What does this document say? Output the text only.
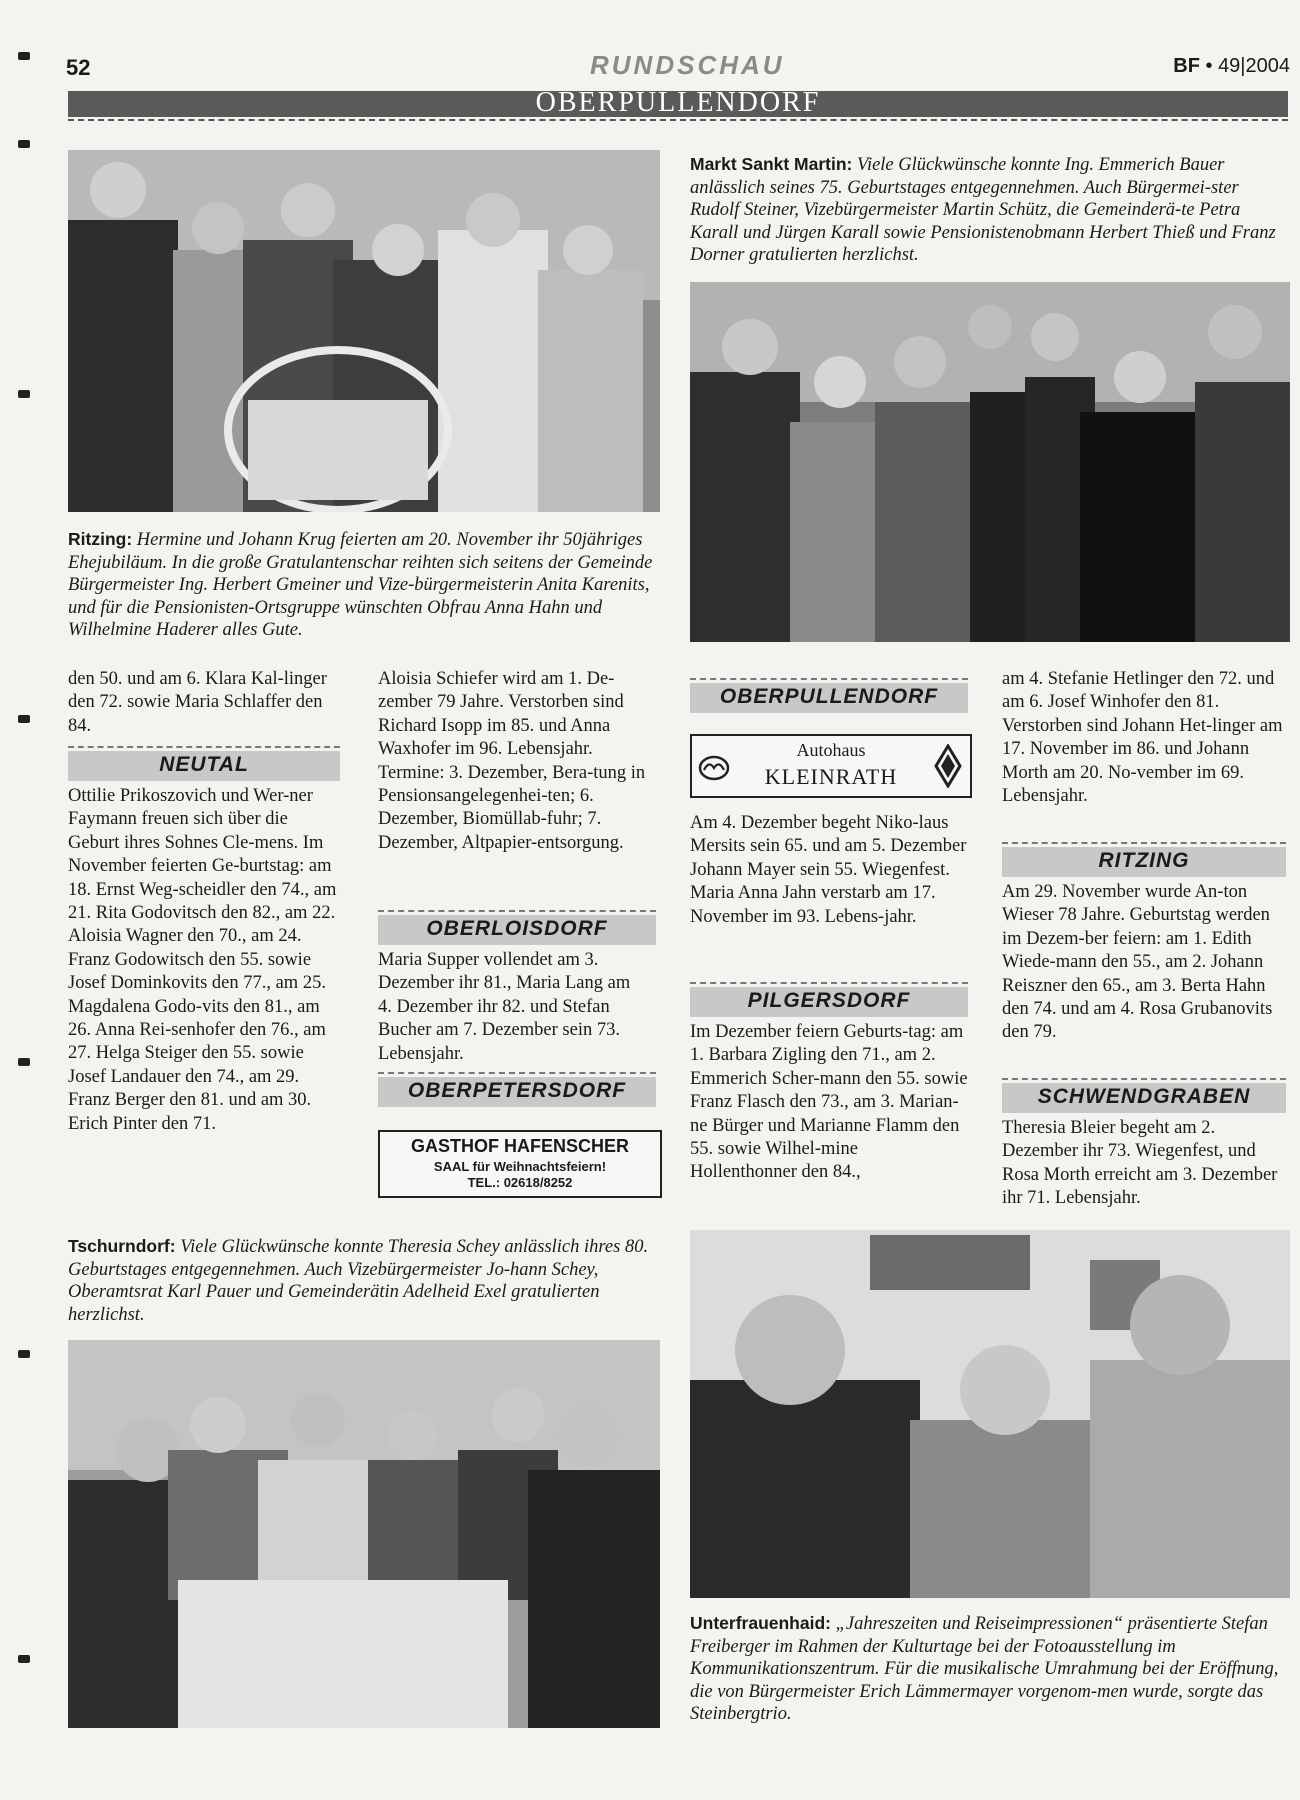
52	RUNDSCHAU	BF • 49|2004
OBERPULLENDORF
Ritzing: Hermine und Johann Krug feierten am 20. November ihr 50jähriges Ehejubiläum. In die große Gratulantenschar reihten sich seitens der Gemeinde Bürgermeister Ing. Herbert Gmeiner und Vize-bürgermeisterin Anita Karenits, und für die Pensionisten-Ortsgruppe wünschten Obfrau Anna Hahn und Wilhelmine Haderer alles Gute.
Markt Sankt Martin: Viele Glückwünsche konnte Ing. Emmerich Bauer anlässlich seines 75. Geburtstages entgegennehmen. Auch Bürgermei-ster Rudolf Steiner, Vizebürgermeister Martin Schütz, die Gemeinderä-te Petra Karall und Jürgen Karall sowie Pensionistenobmann Herbert Thieß und Franz Dorner gratulierten herzlichst.

den 50. und am 6. Klara Kal-linger den 72. sowie Maria Schlaffer den 84.

NEUTAL

Ottilie Prikoszovich und Wer-ner Faymann freuen sich über die Geburt ihres Sohnes Cle-mens. Im November feierten Ge-burtstag: am 18. Ernst Weg-scheidler den 74., am 21. Rita Godovitsch den 82., am 22. Aloisia Wagner den 70., am 24. Franz Godowitsch den 55. sowie Josef Dominkovits den 77., am 25. Magdalena Godo-vits den 81., am 26. Anna Rei-senhofer den 76., am 27. Helga Steiger den 55. sowie Josef Landauer den 74., am 29. Franz Berger den 81. und am 30. Erich Pinter den 71.

Aloisia Schiefer wird am 1. De-zember 79 Jahre. Verstorben sind Richard Isopp im 85. und Anna Waxhofer im 96. Lebensjahr. Termine: 3. Dezember, Bera-tung in Pensionsangelegenhei-ten; 6. Dezember, Biomüllab-fuhr; 7. Dezember, Altpapier-entsorgung.

OBERLOISDORF

Maria Supper vollendet am 3. Dezember ihr 81., Maria Lang am 4. Dezember ihr 82. und Stefan Bucher am 7. Dezember sein 73. Lebensjahr.

OBERPETERSDORF
GASTHOF HAFENSCHER
SAAL für Weihnachtsfeiern!
TEL.: 02618/8252
OBERPULLENDORF
Autohaus
KLEINRATH

Am 4. Dezember begeht Niko-laus Mersits sein 65. und am 5. Dezember Johann Mayer sein 55. Wiegenfest. Maria Anna Jahn verstarb am 17. November im 93. Lebens-jahr.

PILGERSDORF

Im Dezember feiern Geburts-tag: am 1. Barbara Zigling den 71., am 2. Emmerich Scher-mann den 55. sowie Franz Flasch den 73., am 3. Marian-ne Bürger und Marianne Flamm den 55. sowie Wilhel-mine Hollenthonner den 84.,

am 4. Stefanie Hetlinger den 72. und am 6. Josef Winhofer den 81. Verstorben sind Johann Het-linger am 17. November im 86. und Johann Morth am 20. No-vember im 69. Lebensjahr.

RITZING

Am 29. November wurde An-ton Wieser 78 Jahre. Geburtstag werden im Dezem-ber feiern: am 1. Edith Wiede-mann den 55., am 2. Johann Reiszner den 65., am 3. Berta Hahn den 74. und am 4. Rosa Grubanovits den 79.

SCHWENDGRABEN

Theresia Bleier begeht am 2. Dezember ihr 73. Wiegenfest, und Rosa Morth erreicht am 3. Dezember ihr 71. Lebensjahr.

Tschurndorf: Viele Glückwünsche konnte Theresia Schey anlässlich ihres 80. Geburtstages entgegennehmen. Auch Vizebürgermeister Jo-hann Schey, Oberamtsrat Karl Pauer und Gemeinderätin Adelheid Exel gratulierten herzlichst.
Unterfrauenhaid: „Jahreszeiten und Reiseimpressionen“ präsentierte Stefan Freiberger im Rahmen der Kulturtage bei der Fotoausstellung im Kommunikationszentrum. Für die musikalische Umrahmung bei der Eröffnung, die von Bürgermeister Erich Lämmermayer vorgenom-men wurde, sorgte das Steinbergtrio.
